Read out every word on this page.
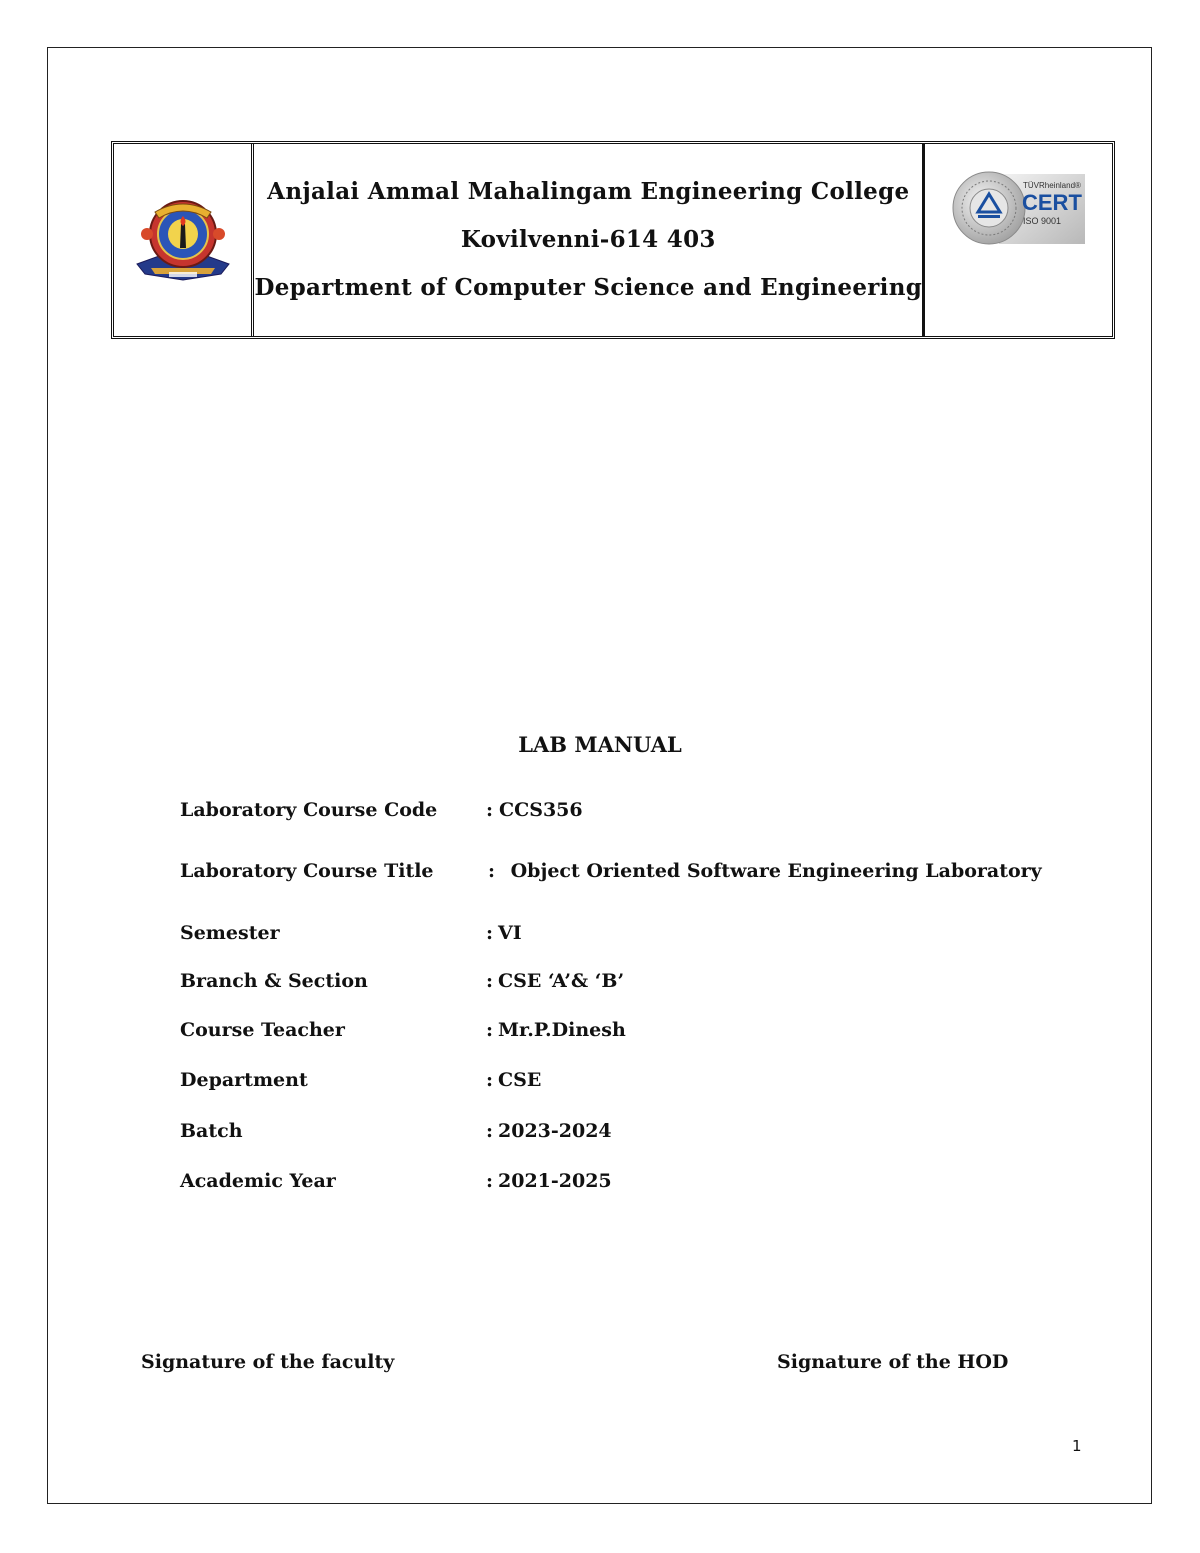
Anjalai Ammal Mahalingam Engineering College
Kovilvenni-614 403
Department of Computer Science and Engineering
TÜVRheinland®
CERT
ISO 9001
LAB MANUAL
Laboratory Course Code	: CCS356
Laboratory Course Title	: Object Oriented Software Engineering Laboratory
Semester	: VI
Branch & Section	: CSE ‘A’& ‘B’
Course Teacher	: Mr.P.Dinesh
Department	: CSE
Batch	: 2023-2024
Academic Year	: 2021-2025
Signature of the faculty	Signature of the HOD
1
